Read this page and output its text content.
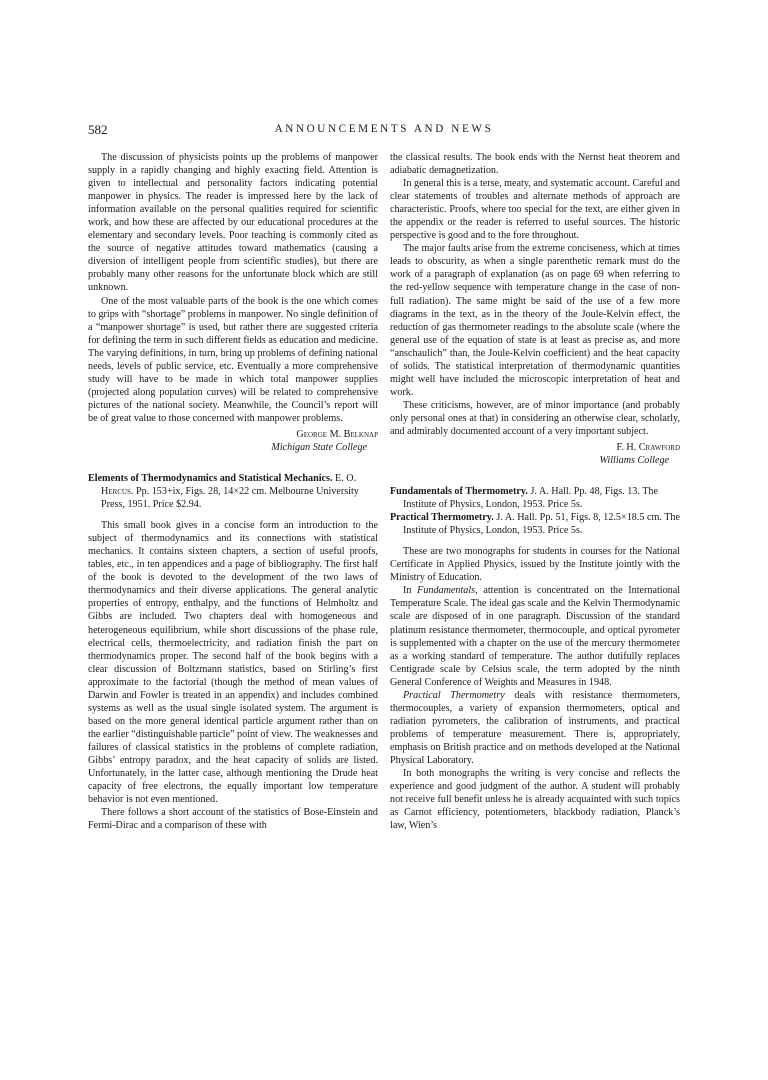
582	ANNOUNCEMENTS AND NEWS

The discussion of physicists points up the problems of manpower supply in a rapidly changing and highly exacting field. Attention is given to intellectual and personality factors indicating potential manpower in physics. The reader is impressed here by the lack of information available on the personal qualities required for scientific work, and how these are affected by our educational procedures at the elementary and secondary levels. Poor teaching is commonly cited as the source of negative attitudes toward mathematics (causing a diversion of intelligent people from scientific studies), but there are probably many other reasons for the unfortunate block which are still unknown.

One of the most valuable parts of the book is the one which comes to grips with “shortage” problems in manpower. No single definition of a “manpower shortage” is used, but rather there are suggested criteria for defining the term in such different fields as education and medicine. The varying definitions, in turn, bring up problems of defining national needs, levels of public service, etc. Eventually a more comprehensive study will have to be made in which total manpower supplies (projected along population curves) will be related to comprehensive pictures of the national society. Meanwhile, the Council’s report will be of great value to those concerned with manpower problems.

George M. Belknap
Michigan State College
Elements of Thermodynamics and Statistical Mechanics. E. O. Hercus. Pp. 153+ix, Figs. 28, 14×22 cm. Melbourne University Press, 1951. Price $2.94.

This small book gives in a concise form an introduction to the subject of thermodynamics and its connections with statistical mechanics. It contains sixteen chapters, a section of useful proofs, tables, etc., in ten appendices and a page of bibliography. The first half of the book is devoted to the development of the two laws of thermodynamics and their diverse applications. The general analytic properties of entropy, enthalpy, and the functions of Helmholtz and Gibbs are included. Two chapters deal with homogeneous and heterogeneous equilibrium, while short discussions of the phase rule, electrical cells, thermoelectricity, and radiation finish the part on thermodynamics proper. The second half of the book begins with a clear discussion of Boltzmann statistics, based on Stirling’s first approximate to the factorial (though the method of mean values of Darwin and Fowler is treated in an appendix) and includes combined systems as well as the usual single isolated system. The argument is based on the more general identical particle argument rather than on the earlier “distinguishable particle” point of view. The weaknesses and failures of classical statistics in the problems of complete radiation, Gibbs’ entropy paradox, and the heat capacity of solids are listed. Unfortunately, in the latter case, although mentioning the Drude heat capacity of free electrons, the equally important low temperature behavior is not even mentioned.

There follows a short account of the statistics of Bose-Einstein and Fermi-Dirac and a comparison of these with

the classical results. The book ends with the Nernst heat theorem and adiabatic demagnetization.

In general this is a terse, meaty, and systematic account. Careful and clear statements of troubles and alternate methods of approach are characteristic. Proofs, where too special for the text, are either given in the appendix or the reader is referred to useful sources. The historic perspective is good and to the fore throughout.

The major faults arise from the extreme conciseness, which at times leads to obscurity, as when a single parenthetic remark must do the work of a paragraph of explanation (as on page 69 when referring to the red-yellow sequence with temperature change in the case of non-full radiation). The same might be said of the use of a few more diagrams in the text, as in the theory of the Joule-Kelvin effect, the reduction of gas thermometer readings to the absolute scale (where the general use of the equation of state is at least as precise as, and more “anschaulich” than, the Joule-Kelvin coefficient) and the heat capacity of solids. The statistical interpretation of thermodynamic quantities might well have included the microscopic interpretation of heat and work.

These criticisms, however, are of minor importance (and probably only personal ones at that) in considering an otherwise clear, scholarly, and admirably documented account of a very important subject.

F. H. Crawford
Williams College
Fundamentals of Thermometry. J. A. Hall. Pp. 48, Figs. 13. The Institute of Physics, London, 1953. Price 5s.
Practical Thermometry. J. A. Hall. Pp. 51, Figs. 8, 12.5×18.5 cm. The Institute of Physics, London, 1953. Price 5s.

These are two monographs for students in courses for the National Certificate in Applied Physics, issued by the Institute jointly with the Ministry of Education.

In Fundamentals, attention is concentrated on the International Temperature Scale. The ideal gas scale and the Kelvin Thermodynamic scale are disposed of in one paragraph. Discussion of the standard platinum resistance thermometer, thermocouple, and optical pyrometer is supplemented with a chapter on the use of the mercury thermometer as a working standard of temperature. The author dutifully replaces Centigrade scale by Celsius scale, the term adopted by the ninth General Conference of Weights and Measures in 1948.

Practical Thermometry deals with resistance thermometers, thermocouples, a variety of expansion thermometers, optical and radiation pyrometers, the calibration of instruments, and practical problems of temperature measurement. There is, appropriately, emphasis on British practice and on methods developed at the National Physical Laboratory.

In both monographs the writing is very concise and reflects the experience and good judgment of the author. A student will probably not receive full benefit unless he is already acquainted with such topics as Carnot efficiency, potentiometers, blackbody radiation, Planck’s law, Wien’s
